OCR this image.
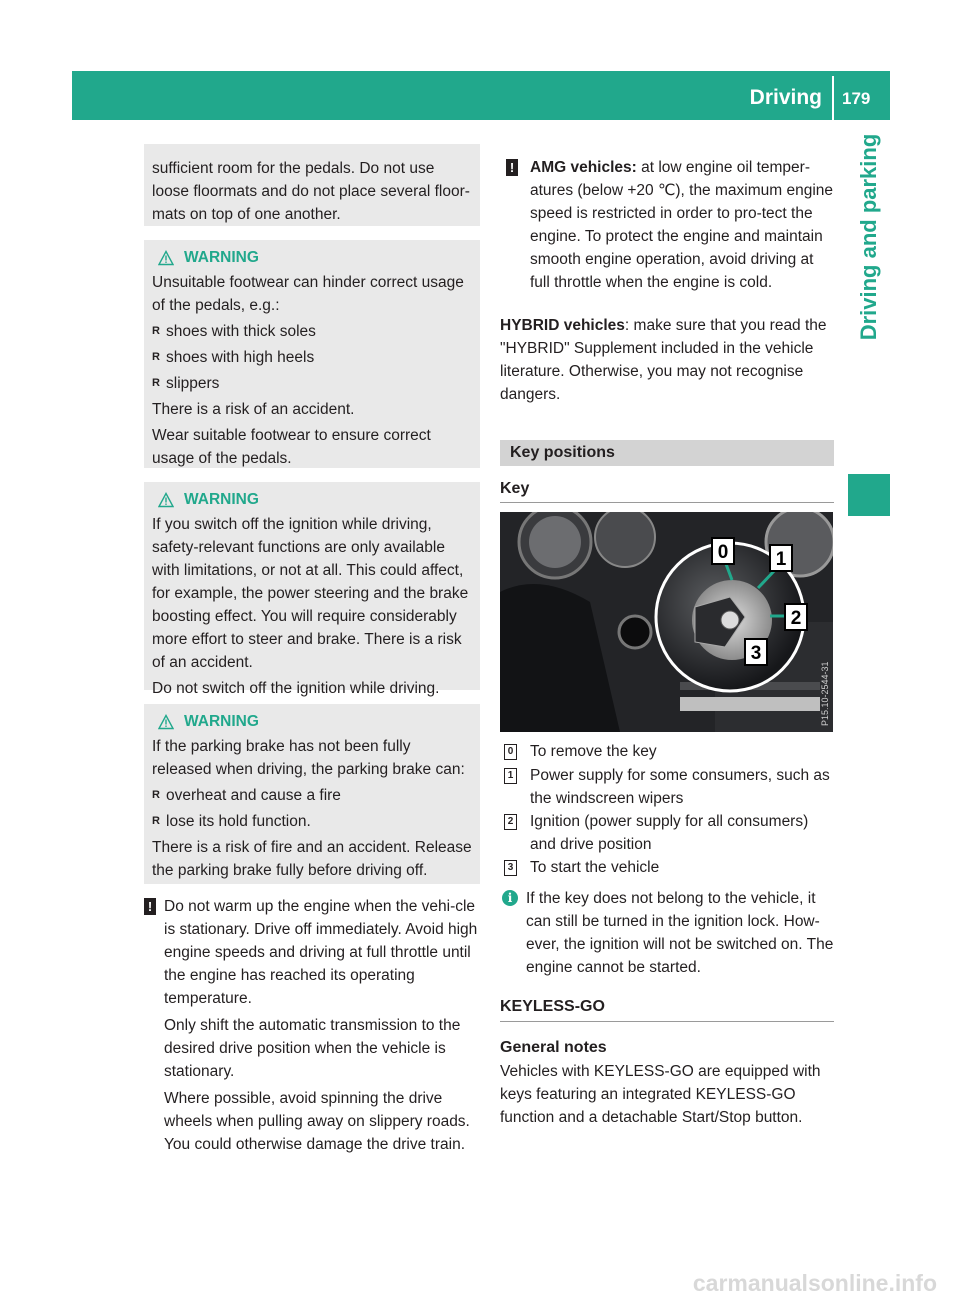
Driving 179
Driving and parking

sufficient room for the pedals. Do not use loose floormats and do not place several floor-mats on top of one another.

WARNING

Unsuitable footwear can hinder correct usage of the pedals, e.g.:

R shoes with thick soles
R shoes with high heels
R slippers

There is a risk of an accident.

Wear suitable footwear to ensure correct usage of the pedals.

WARNING

If you switch off the ignition while driving, safety-relevant functions are only available with limitations, or not at all. This could affect, for example, the power steering and the brake boosting effect. You will require considerably more effort to steer and brake. There is a risk of an accident.

Do not switch off the ignition while driving.

WARNING

If the parking brake has not been fully released when driving, the parking brake can:

R overheat and cause a fire
R lose its hold function.

There is a risk of fire and an accident. Release the parking brake fully before driving off.

! Do not warm up the engine when the vehi-cle is stationary. Drive off immediately. Avoid high engine speeds and driving at full throttle until the engine has reached its operating temperature.

Only shift the automatic transmission to the desired drive position when the vehicle is stationary.

Where possible, avoid spinning the drive wheels when pulling away on slippery roads. You could otherwise damage the drive train.

! AMG vehicles: at low engine oil temper-atures (below +20 ℃), the maximum engine speed is restricted in order to pro-tect the engine. To protect the engine and maintain smooth engine operation, avoid driving at full throttle when the engine is cold.

HYBRID vehicles: make sure that you read the "HYBRID" Supplement included in the vehicle literature. Otherwise, you may not recognise dangers.

Key positions
Key
0 1
2
3
P15.10-2544-31
0 To remove the key
1 Power supply for some consumers, such as the windscreen wipers
2 Ignition (power supply for all consumers) and drive position
3 To start the vehicle
i If the key does not belong to the vehicle, it can still be turned in the ignition lock. How-ever, the ignition will not be switched on. The engine cannot be started.
KEYLESS-GO
General notes

Vehicles with KEYLESS-GO are equipped with keys featuring an integrated KEYLESS-GO function and a detachable Start/Stop button.

carmanualsonline.info
